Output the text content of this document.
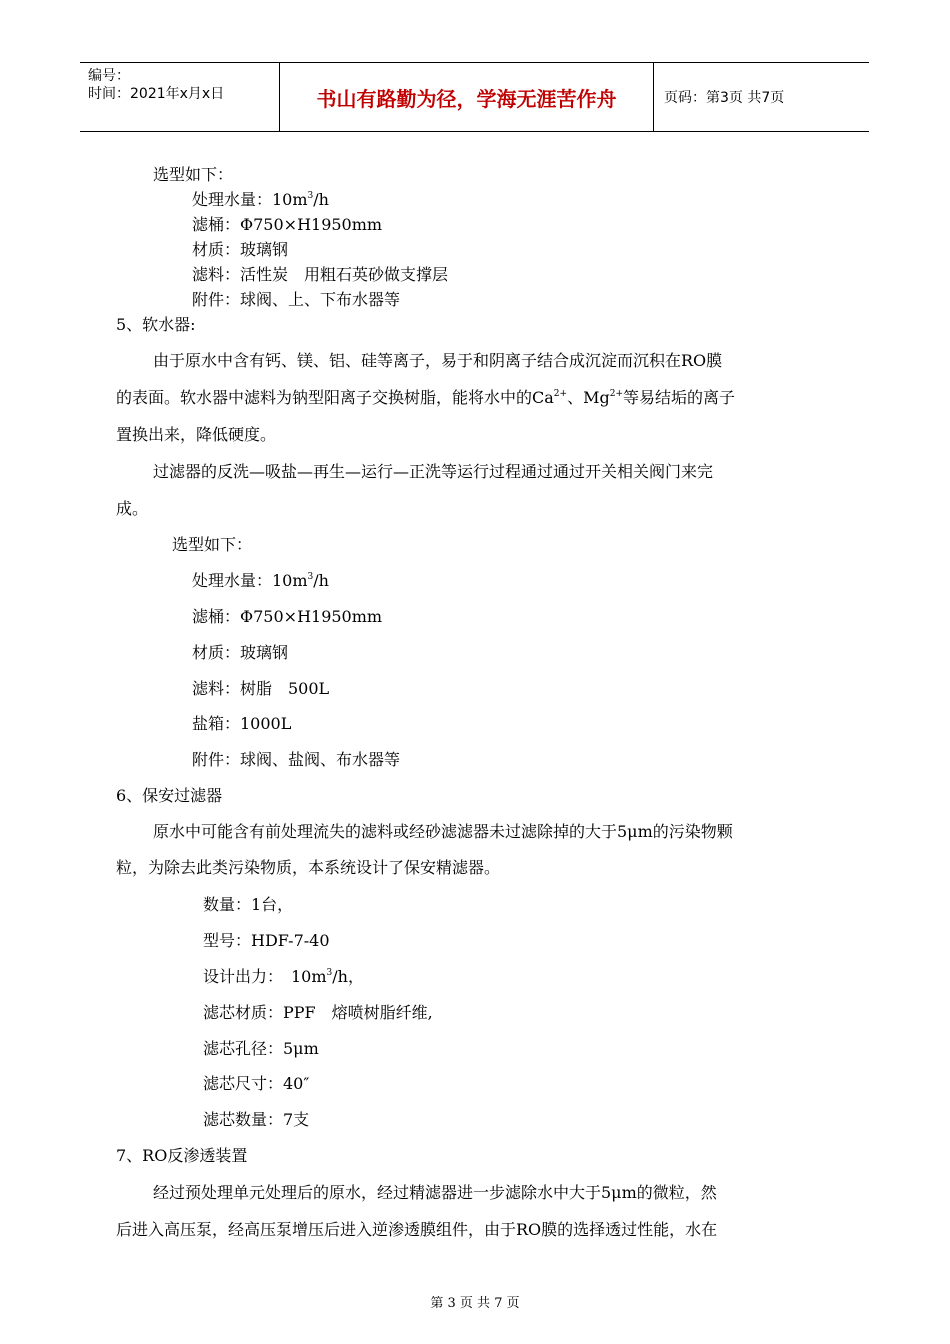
编号：
时间：2021年x月x日	书山有路勤为径，学海无涯苦作舟	页码：第3页 共7页
选型如下：
处理水量：$10m^3/h$
滤桶：Φ750×H1950mm
材质：玻璃钢
滤料：活性炭　用粗石英砂做支撑层
附件：球阀、上、下布水器等
5、软水器:
由于原水中含有钙、镁、铝、硅等离子，易于和阴离子结合成沉淀而沉积在RO膜
的表面。软水器中滤料为钠型阳离子交换树脂，能将水中的$Ca^{2+}$、$Mg^{2+}$等易结垢的离子
置换出来，降低硬度。
过滤器的反洗—吸盐—再生—运行—正洗等运行过程通过通过开关相关阀门来完
成。
选型如下：
处理水量：$10m^3/h$
滤桶：Φ750×H1950mm
材质：玻璃钢
滤料：树脂　500L
盐箱：1000L
附件：球阀、盐阀、布水器等
6、保安过滤器
原水中可能含有前处理流失的滤料或经砂滤滤器未过滤除掉的大于5μm的污染物颗
粒，为除去此类污染物质，本系统设计了保安精滤器。
数量：1台，
型号：HDF-7-40
设计出力：　$10m^3/h$，
滤芯材质：PPF　熔喷树脂纤维,
滤芯孔径：5μm
滤芯尺寸：40″
滤芯数量：7支
7、RO反渗透装置
经过预处理单元处理后的原水，经过精滤器进一步滤除水中大于5μm的微粒，然
后进入高压泵，经高压泵增压后进入逆渗透膜组件，由于RO膜的选择透过性能，水在
第 3 页 共 7 页
